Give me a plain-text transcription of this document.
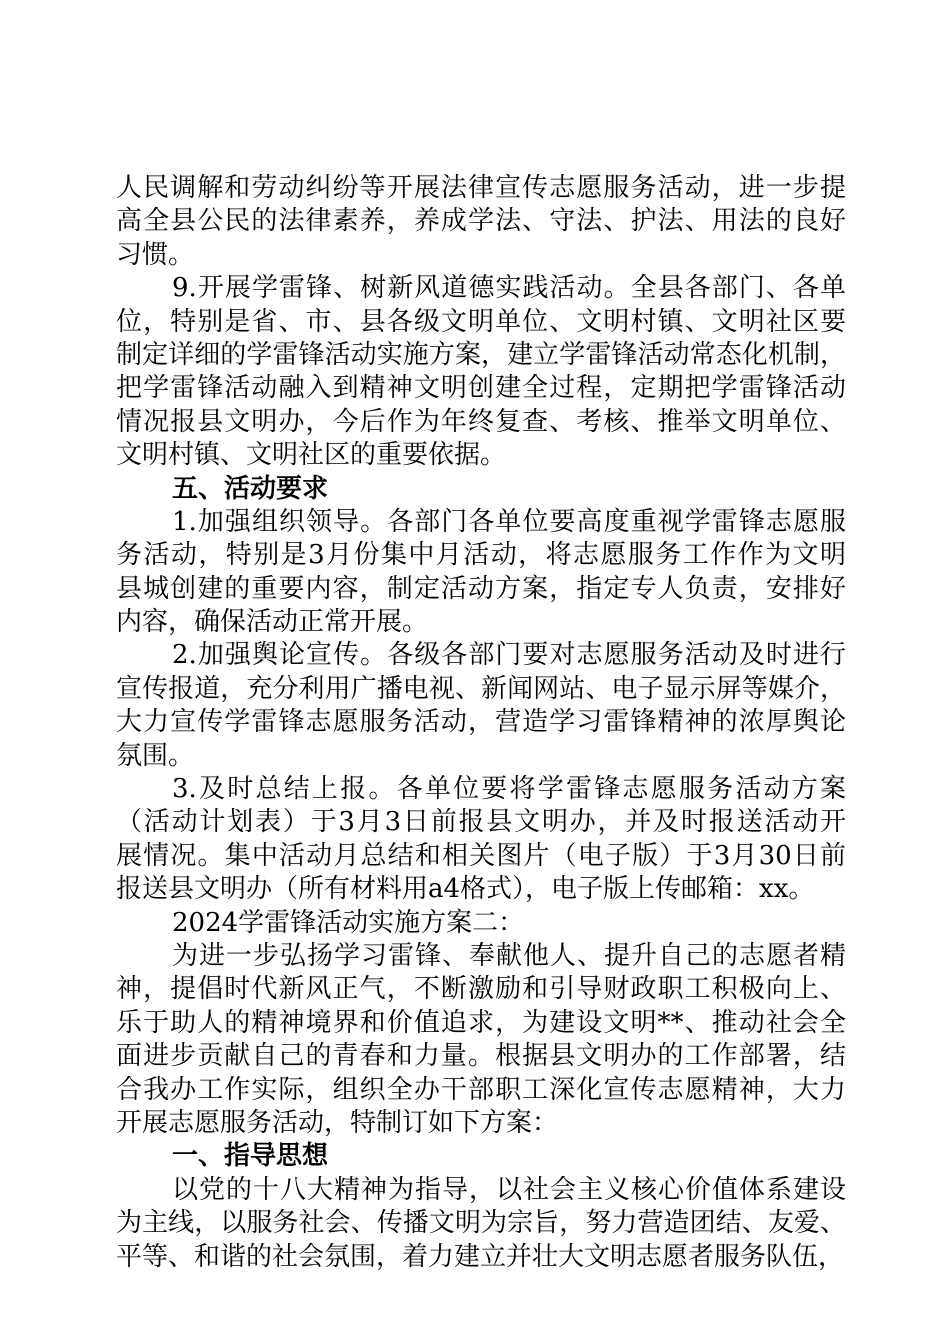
人民调解和劳动纠纷等开展法律宣传志愿服务活动，进一步提
高全县公民的法律素养，养成学法、守法、护法、用法的良好
习惯。
9.开展学雷锋、树新风道德实践活动。全县各部门、各单
位，特别是省、市、县各级文明单位、文明村镇、文明社区要
制定详细的学雷锋活动实施方案，建立学雷锋活动常态化机制，
把学雷锋活动融入到精神文明创建全过程，定期把学雷锋活动
情况报县文明办，今后作为年终复查、考核、推举文明单位、
文明村镇、文明社区的重要依据。
五、活动要求
1.加强组织领导。各部门各单位要高度重视学雷锋志愿服
务活动，特别是3月份集中月活动，将志愿服务工作作为文明
县城创建的重要内容，制定活动方案，指定专人负责，安排好
内容，确保活动正常开展。
2.加强舆论宣传。各级各部门要对志愿服务活动及时进行
宣传报道，充分利用广播电视、新闻网站、电子显示屏等媒介，
大力宣传学雷锋志愿服务活动，营造学习雷锋精神的浓厚舆论
氛围。
3.及时总结上报。各单位要将学雷锋志愿服务活动方案
（活动计划表）于3月3日前报县文明办，并及时报送活动开
展情况。集中活动月总结和相关图片（电子版）于3月30日前
报送县文明办（所有材料用a4格式），电子版上传邮箱：xx。
2024学雷锋活动实施方案二：
为进一步弘扬学习雷锋、奉献他人、提升自己的志愿者精
神，提倡时代新风正气，不断激励和引导财政职工积极向上、
乐于助人的精神境界和价值追求，为建设文明**、推动社会全
面进步贡献自己的青春和力量。根据县文明办的工作部署，结
合我办工作实际，组织全办干部职工深化宣传志愿精神，大力
开展志愿服务活动，特制订如下方案：
一、指导思想
以党的十八大精神为指导，以社会主义核心价值体系建设
为主线，以服务社会、传播文明为宗旨，努力营造团结、友爱、
平等、和谐的社会氛围，着力建立并壮大文明志愿者服务队伍，
